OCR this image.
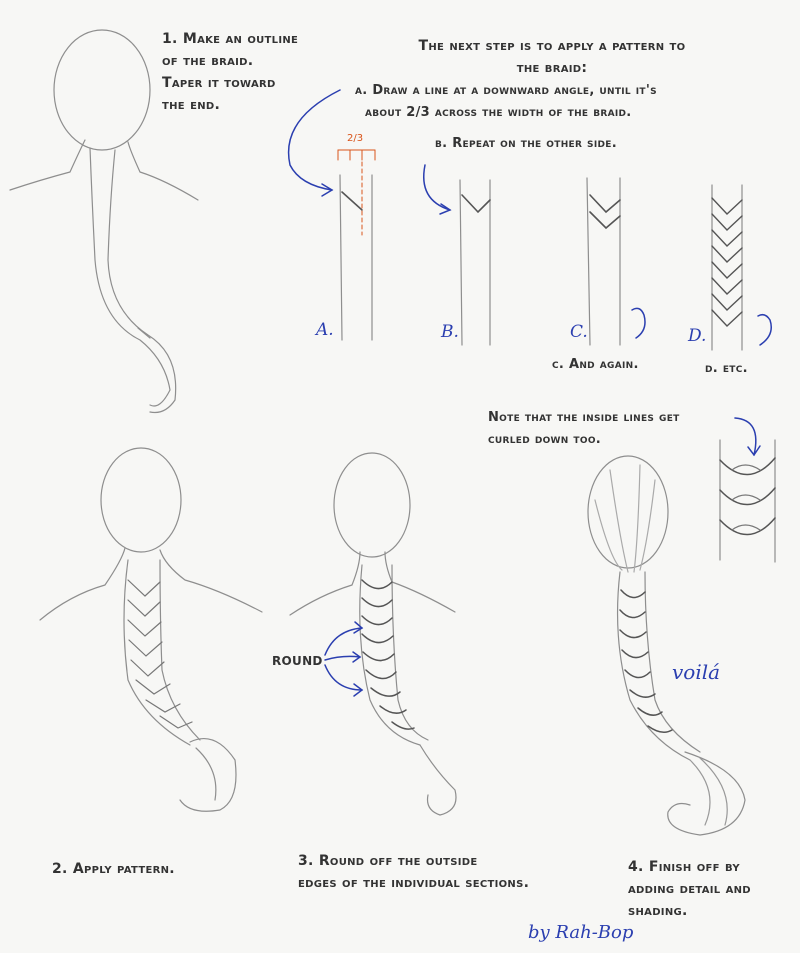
1. Make an outline
of the braid.
Taper it toward
the end.
The next step is to apply a pattern to
the braid:
a. Draw a line at a downward angle, until it's
about 2/3 across the width of the braid.
2/3	b. Repeat on the other side.
A.	B.	C.	D.
c. And again.	d. etc.
Note that the inside lines get
curled down too.
ROUND	voilá
2. Apply pattern.	3. Round off the outside
edges of the individual sections.
4. Finish off by
adding detail and
shading.
by Rah-Bop
